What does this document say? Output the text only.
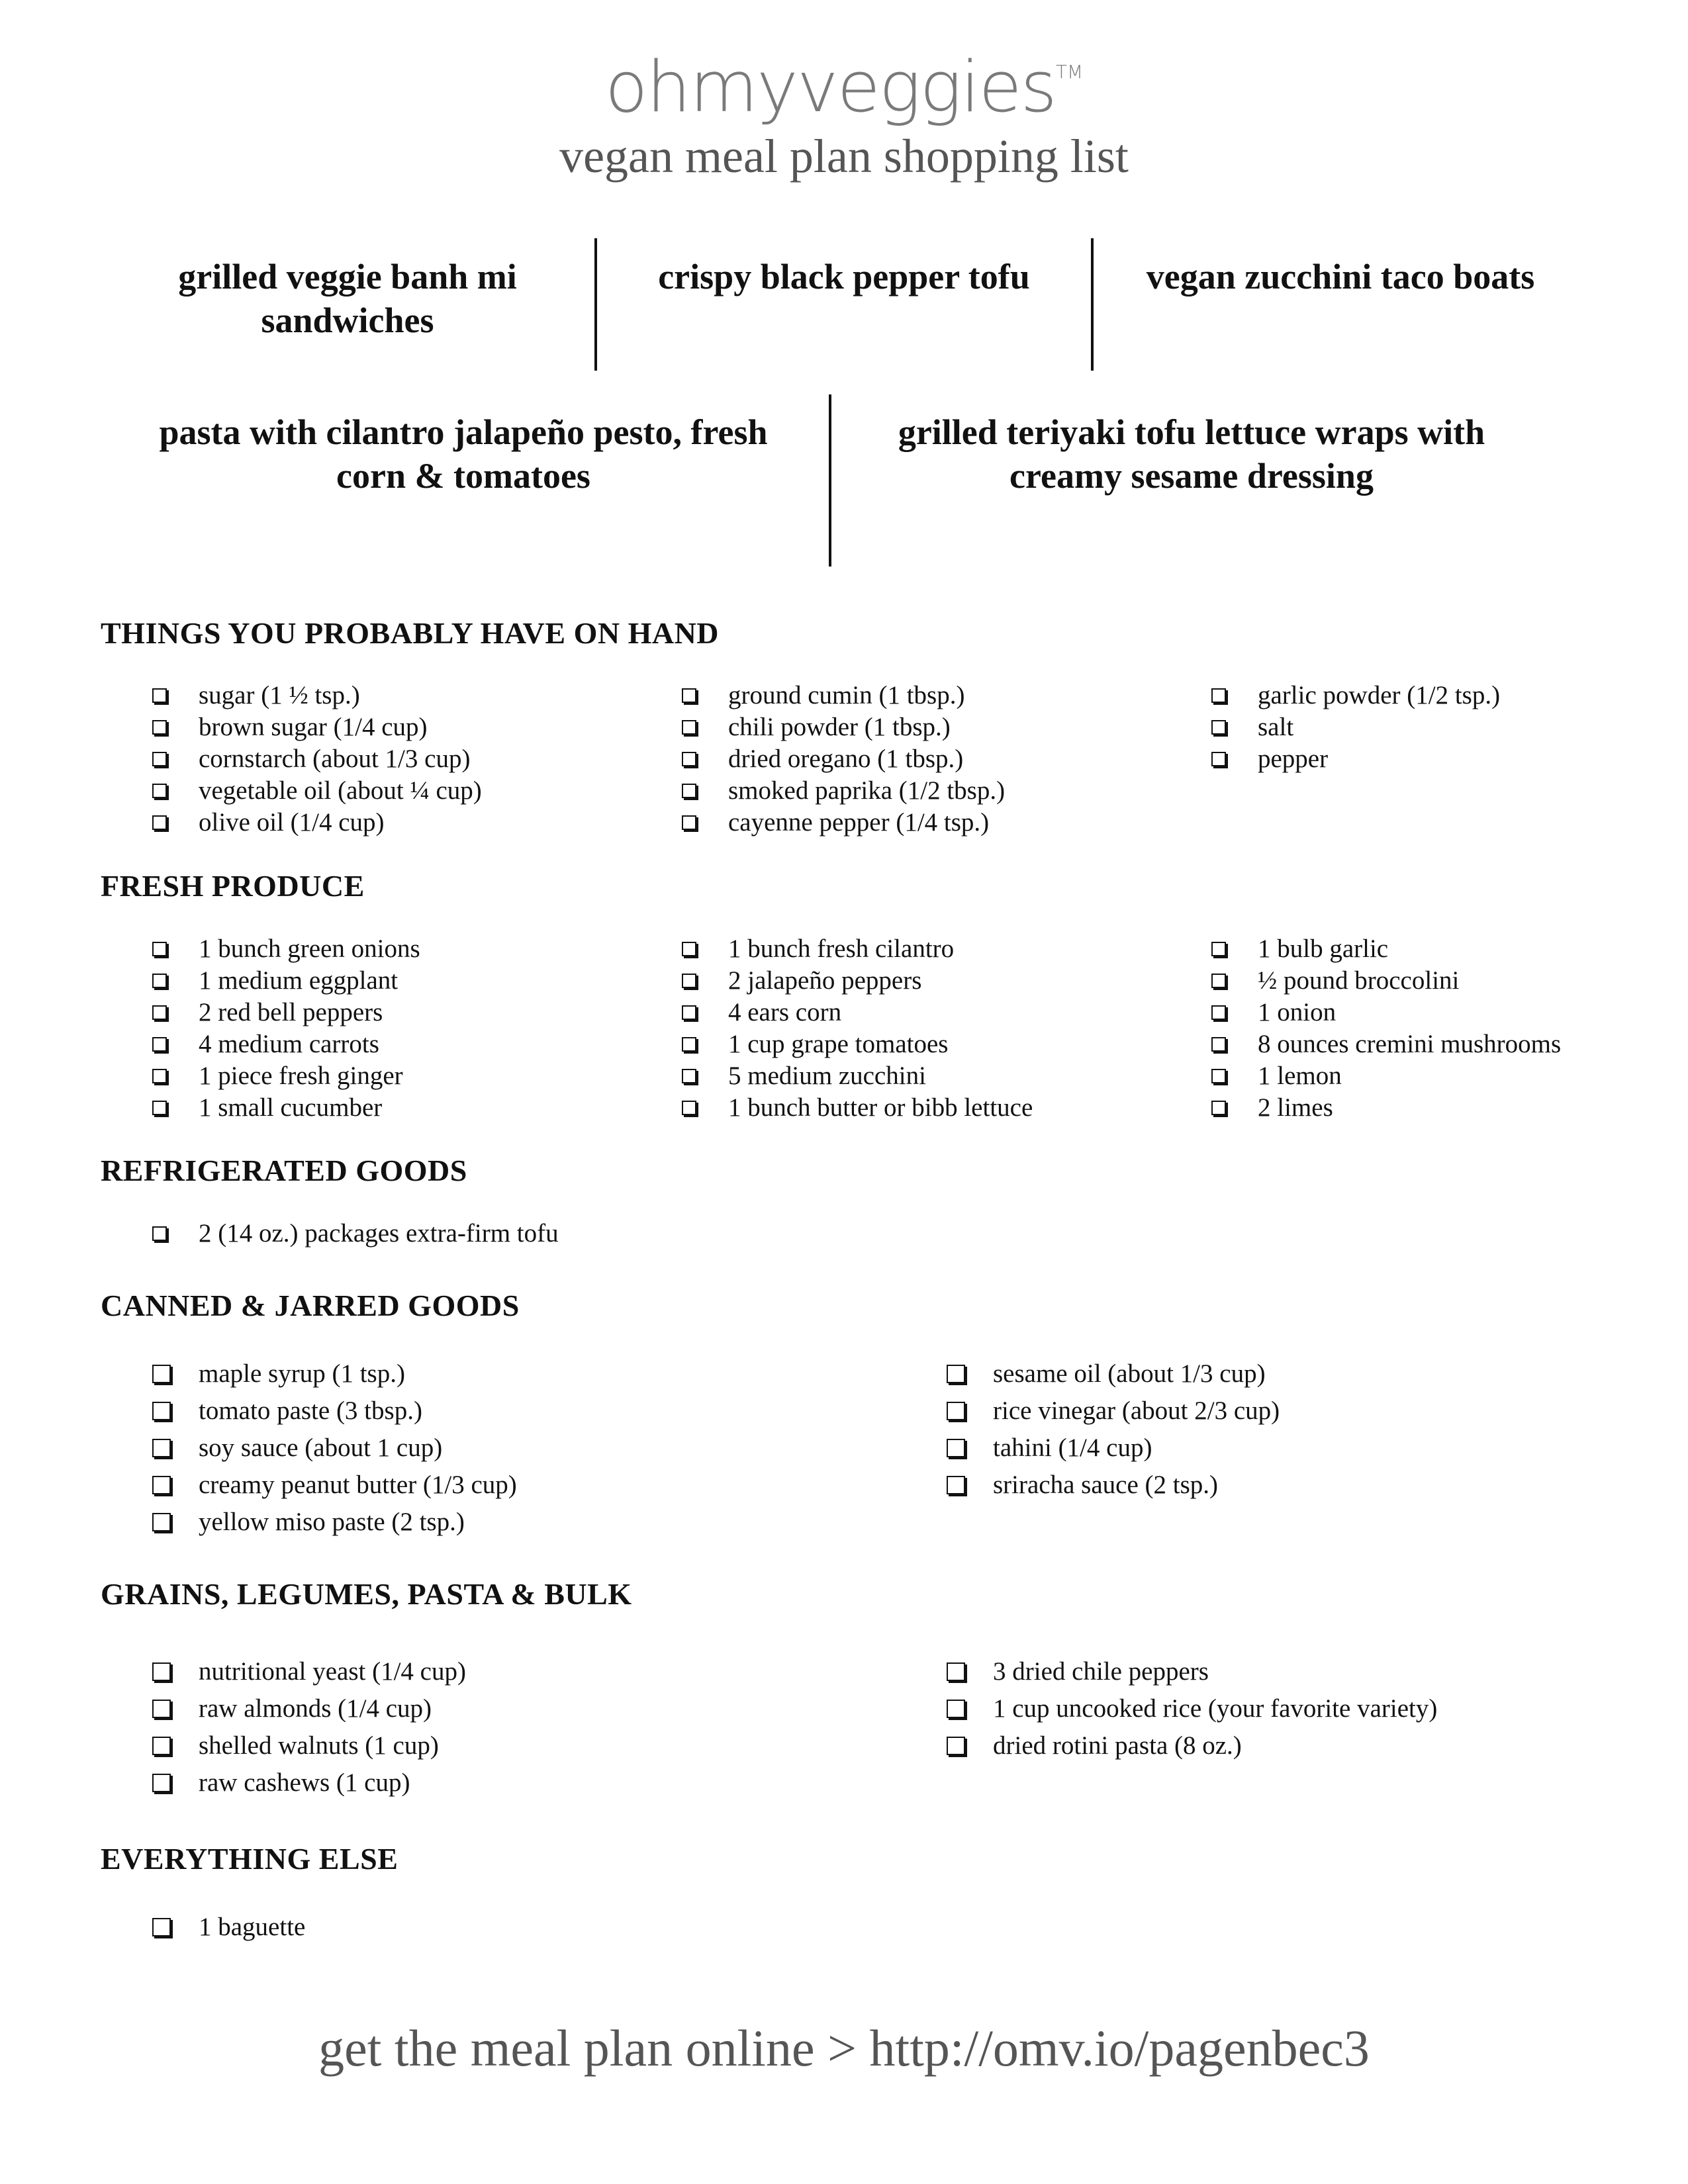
ohmyveggies™
vegan meal plan shopping list
grilled veggie banh mi sandwiches
crispy black pepper tofu	vegan zucchini taco boats
pasta with cilantro jalapeño pesto, fresh corn & tomatoes
grilled teriyaki tofu lettuce wraps with creamy sesame dressing
THINGS YOU PROBABLY HAVE ON HAND
sugar (1 ½ tsp.)
brown sugar (1/4 cup)
cornstarch (about 1/3 cup)
vegetable oil (about ¼ cup)
olive oil (1/4 cup)
ground cumin (1 tbsp.)
chili powder (1 tbsp.)
dried oregano (1 tbsp.)
smoked paprika (1/2 tbsp.)
cayenne pepper (1/4 tsp.)
garlic powder (1/2 tsp.)
salt
pepper
FRESH PRODUCE
1 bunch green onions
1 medium eggplant
2 red bell peppers
4 medium carrots
1 piece fresh ginger
1 small cucumber
1 bunch fresh cilantro
2 jalapeño peppers
4 ears corn
1 cup grape tomatoes
5 medium zucchini
1 bunch butter or bibb lettuce
1 bulb garlic
½ pound broccolini
1 onion
8 ounces cremini mushrooms
1 lemon
2 limes
REFRIGERATED GOODS
2 (14 oz.) packages extra-firm tofu
CANNED & JARRED GOODS
maple syrup (1 tsp.)
tomato paste (3 tbsp.)
soy sauce (about 1 cup)
creamy peanut butter (1/3 cup)
yellow miso paste (2 tsp.)
sesame oil (about 1/3 cup)
rice vinegar (about 2/3 cup)
tahini (1/4 cup)
sriracha sauce (2 tsp.)
GRAINS, LEGUMES, PASTA & BULK
nutritional yeast (1/4 cup)
raw almonds (1/4 cup)
shelled walnuts (1 cup)
raw cashews (1 cup)
3 dried chile peppers
1 cup uncooked rice (your favorite variety)
dried rotini pasta (8 oz.)
EVERYTHING ELSE
1 baguette
get the meal plan online > http://omv.io/pagenbec3
